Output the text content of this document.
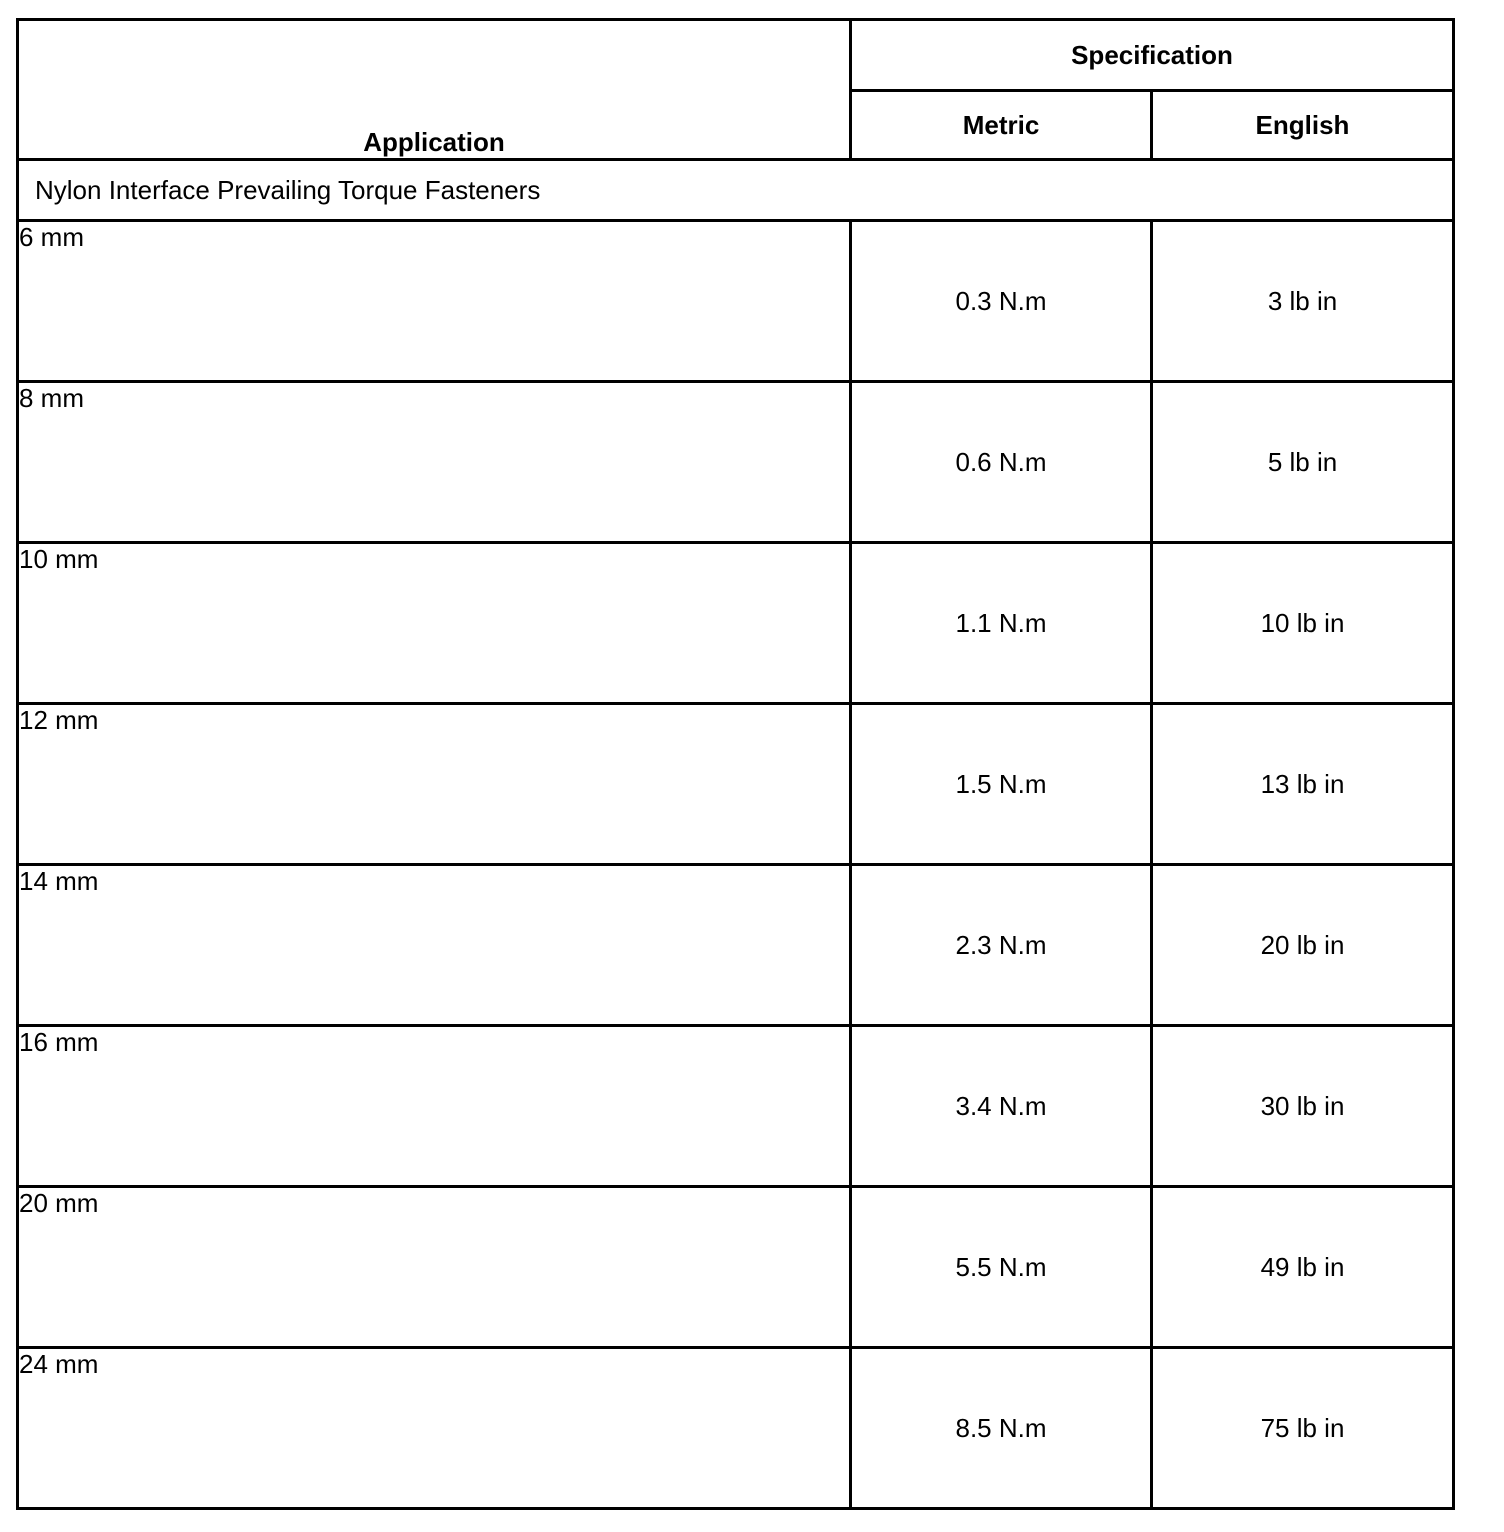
Application	Specification	
	Metric	English
Nylon Interface Prevailing Torque Fasteners		
6 mm	0.3 N.m	3 lb in
8 mm	0.6 N.m	5 lb in
10 mm	1.1 N.m	10 lb in
12 mm	1.5 N.m	13 lb in
14 mm	2.3 N.m	20 lb in
16 mm	3.4 N.m	30 lb in
20 mm	5.5 N.m	49 lb in
24 mm	8.5 N.m	75 lb in
